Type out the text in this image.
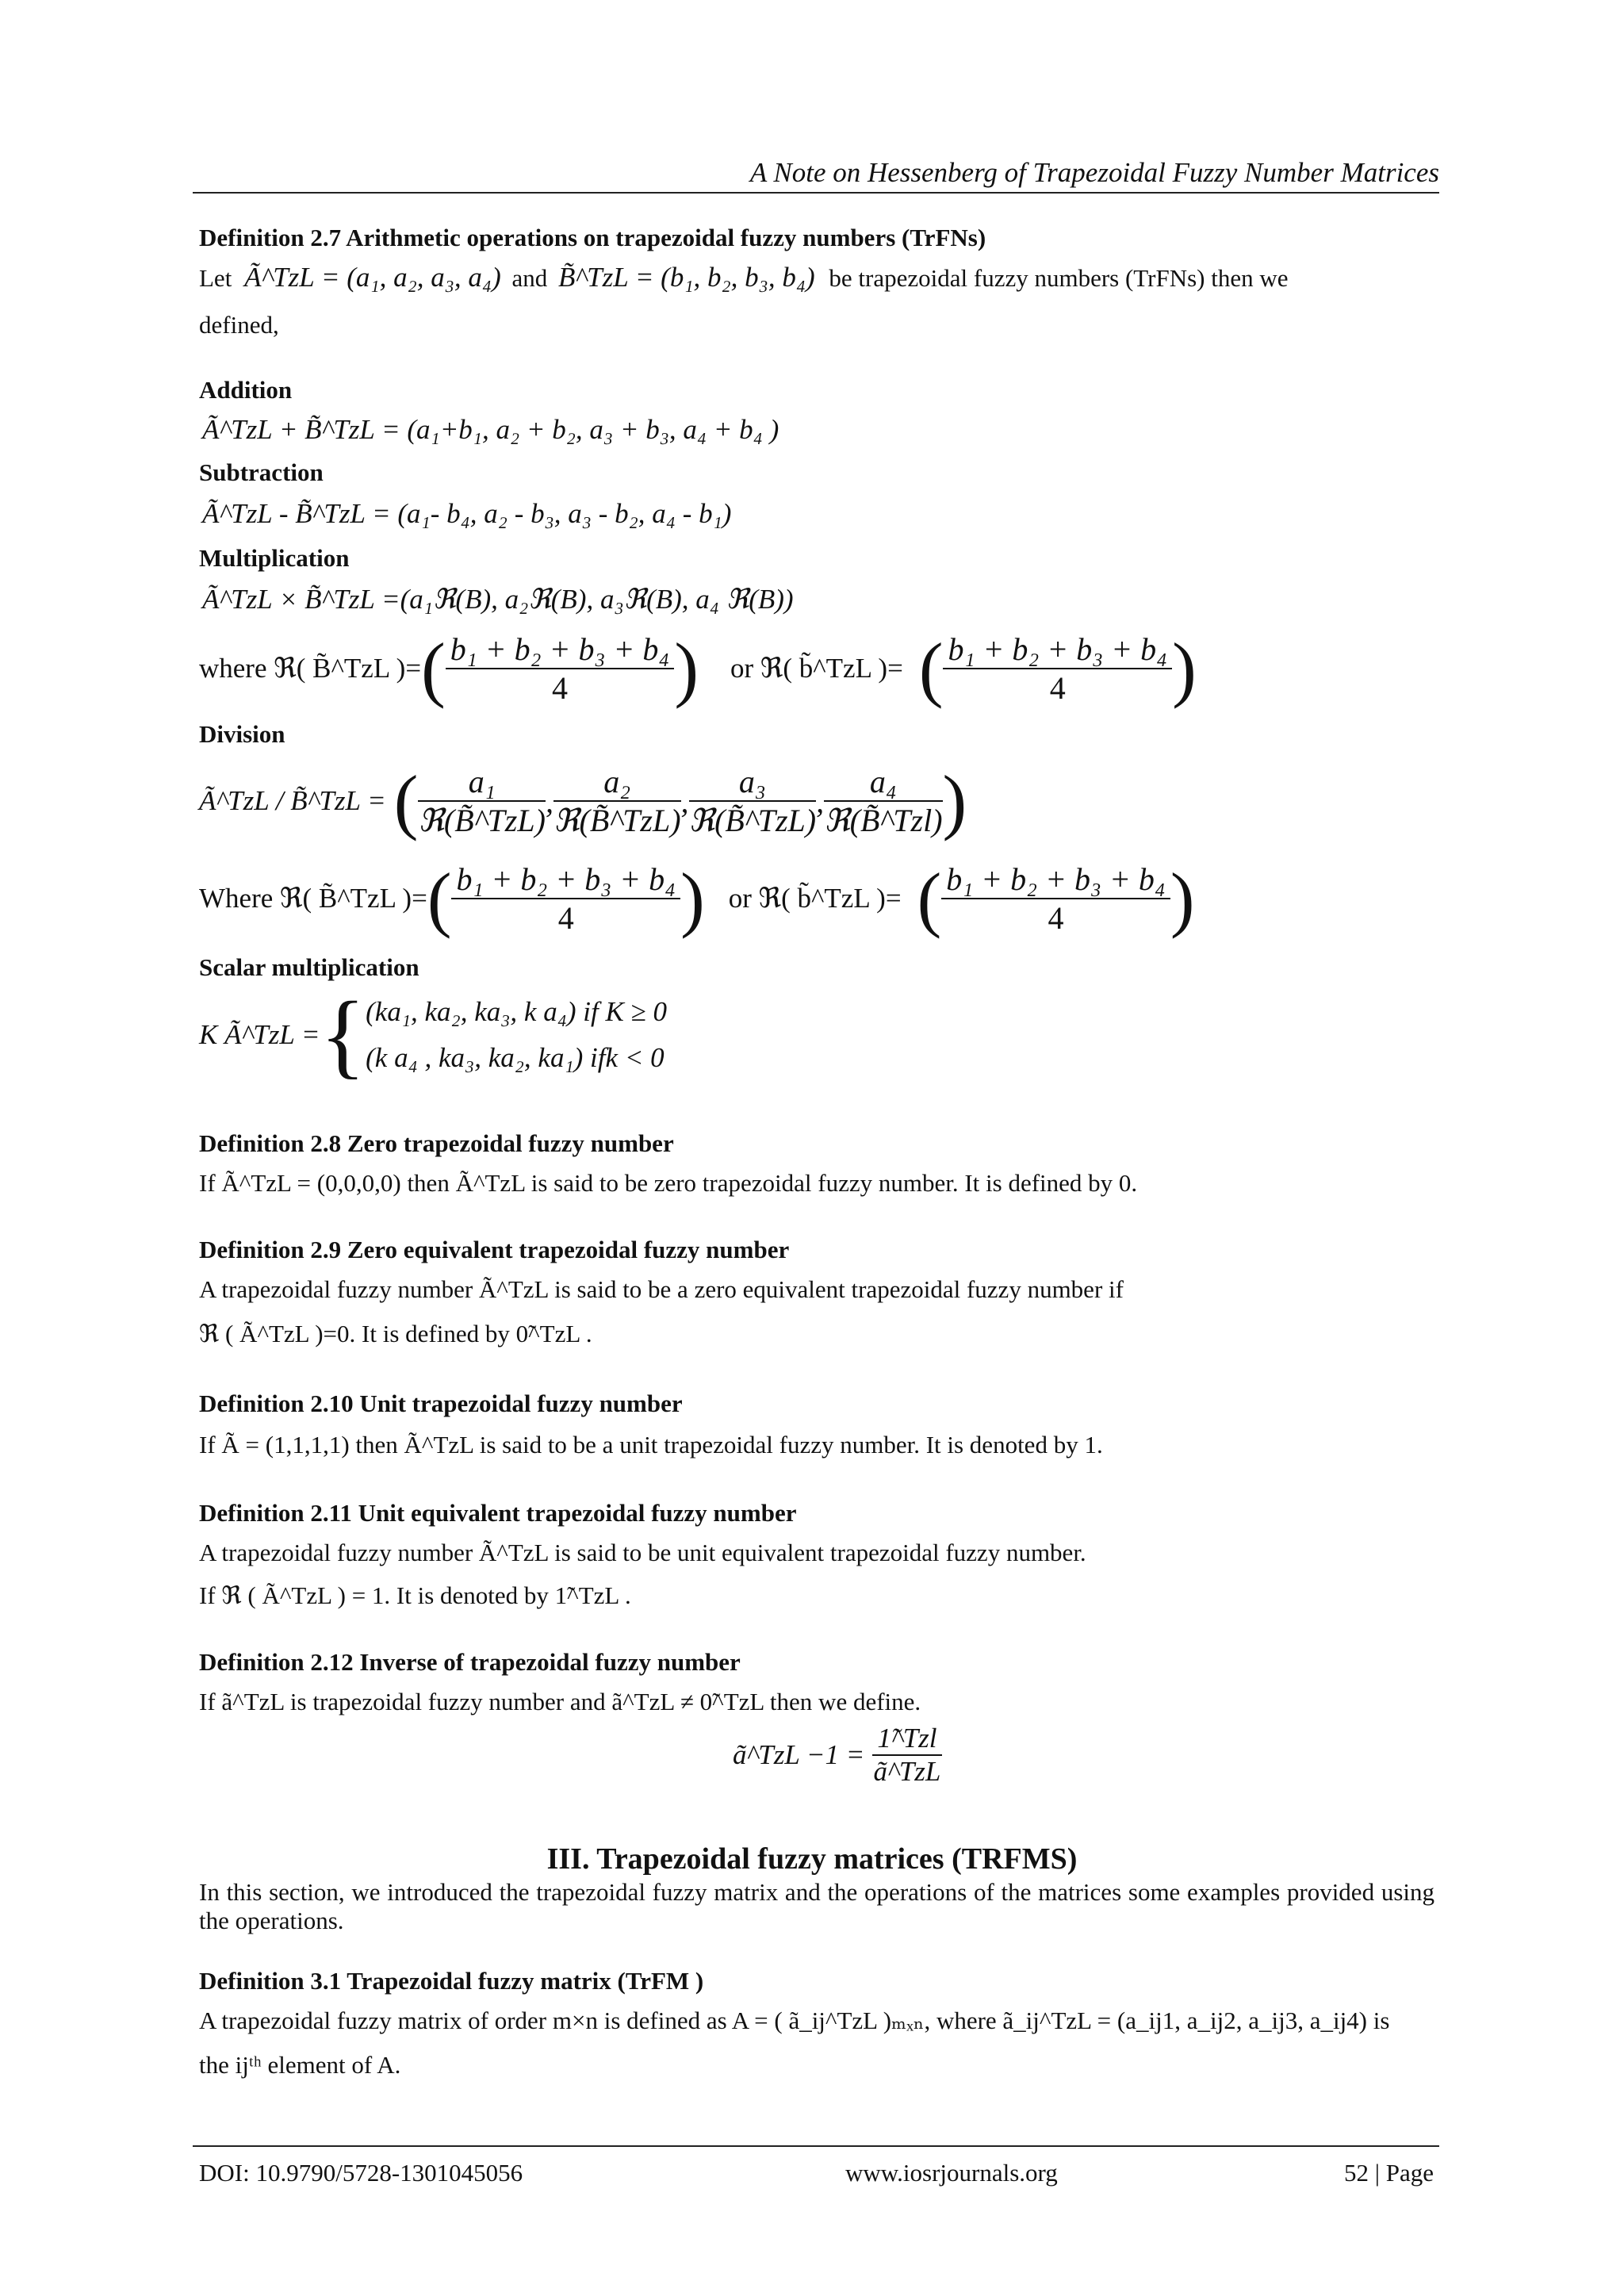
A Note on Hessenberg of Trapezoidal Fuzzy Number Matrices
Definition 2.7 Arithmetic operations on trapezoidal fuzzy numbers (TrFNs)
Let Ã^TzL = (a₁, a₂, a₃, a₄) and B̃^TzL = (b₁, b₂, b₃, b₄) be trapezoidal fuzzy numbers (TrFNs) then we
defined,
Addition
Ã^TzL + B̃^TzL = (a₁+b₁, a₂ + b₂, a₃ + b₃, a₄ + b₄ )
Subtraction
Ã^TzL - B̃^TzL = (a₁- b₄, a₂ - b₃, a₃ - b₂, a₄ - b₁)
Multiplication
Ã^TzL × B̃^TzL =(a₁ℜ(B), a₂ℜ(B), a₃ℜ(B), a₄ ℜ(B))
where ℜ( B̃^TzL )= ( $\frac{\text{b₁ + b₂ + b₃ + b₄}}{4}$ ) or ℜ( b̃^TzL )= ( $\frac{\text{b₁ + b₂ + b₃ + b₄}}{4}$ )
Division
Ã^TzL / B̃^TzL = ( $\frac{\text{a₁}}{\text{ℜ(B̃\textasciicircum{}TzL)}}$ , $\frac{\text{a₂}}{\text{ℜ(B̃\textasciicircum{}TzL)}}$ , $\frac{\text{a₃}}{\text{ℜ(B̃\textasciicircum{}TzL)}}$ , $\frac{\text{a₄}}{\text{ℜ(B̃\textasciicircum{}Tzl)}}$ )
Where ℜ( B̃^TzL )= ( $\frac{\text{b₁ + b₂ + b₃ + b₄}}{4}$ ) or ℜ( b̃^TzL )= ( $\frac{\text{b₁ + b₂ + b₃ + b₄}}{4}$ )
Scalar multiplication
K Ã^TzL = { (ka₁, ka₂, ka₃, k a₄) if K ≥ 0
(k a₄ , ka₃, ka₂, ka₁) ifk < 0
Definition 2.8 Zero trapezoidal fuzzy number
If Ã^TzL = (0,0,0,0) then Ã^TzL is said to be zero trapezoidal fuzzy number. It is defined by 0.
Definition 2.9 Zero equivalent trapezoidal fuzzy number
A trapezoidal fuzzy number Ã^TzL is said to be a zero equivalent trapezoidal fuzzy number if
ℜ ( Ã^TzL )=0. It is defined by 0̃^TzL .
Definition 2.10 Unit trapezoidal fuzzy number
If Ã = (1,1,1,1) then Ã^TzL is said to be a unit trapezoidal fuzzy number. It is denoted by 1.
Definition 2.11 Unit equivalent trapezoidal fuzzy number
A trapezoidal fuzzy number Ã^TzL is said to be unit equivalent trapezoidal fuzzy number.
If ℜ ( Ã^TzL ) = 1. It is denoted by 1̃^TzL .
Definition 2.12 Inverse of trapezoidal fuzzy number
If ã^TzL is trapezoidal fuzzy number and ã^TzL ≠ 0̃^TzL then we define.
ã^TzL $-1 = \frac{\text{1̃\textasciicircum{}Tzl}}{\text{ã\textasciicircum{}TzL}}$
III. Trapezoidal fuzzy matrices (TRFMS)
In this section, we introduced the trapezoidal fuzzy matrix and the operations of the matrices some examples provided using the operations.
Definition 3.1 Trapezoidal fuzzy matrix (TrFM )
A trapezoidal fuzzy matrix of order m×n is defined as A = ( ã_ij^TzL )ₘₓₙ, where ã_ij^TzL = (a_ij1, a_ij2, a_ij3, a_ij4) is
the ijᵗʰ element of A.
DOI: 10.9790/5728-1301045056	www.iosrjournals.org	52 | Page
